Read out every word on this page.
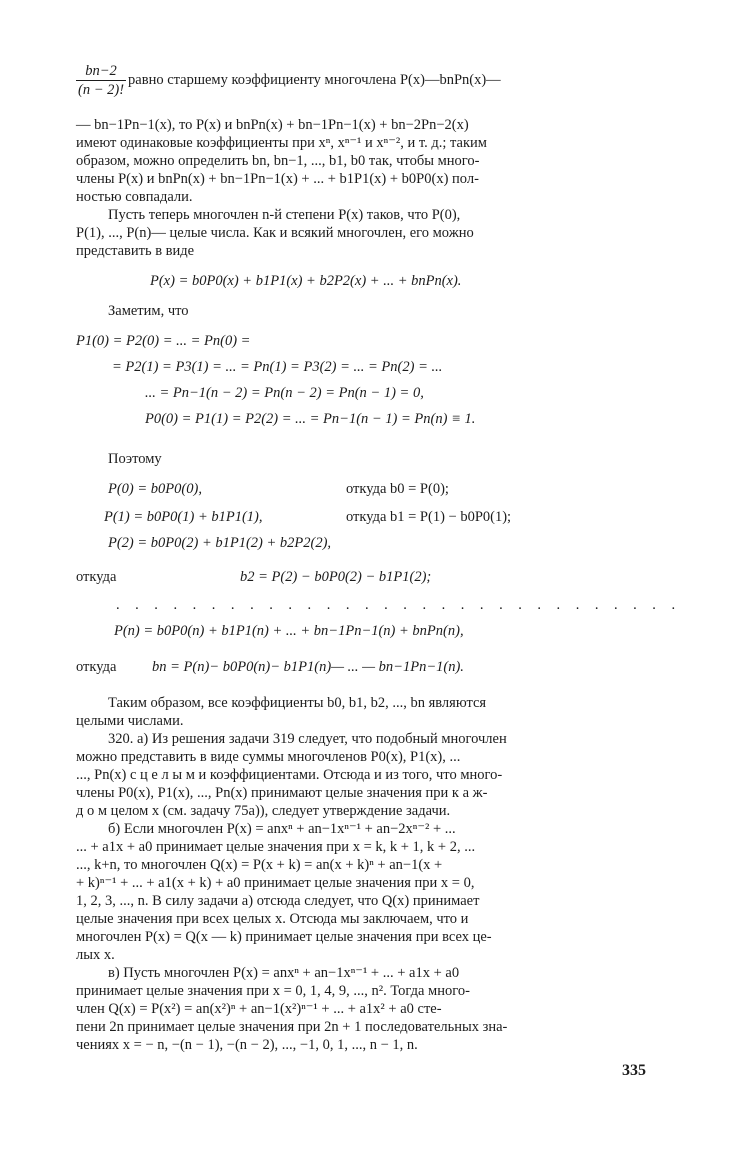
$\frac{bn-2}{(n - 2)!}$ равно старшему коэффициенту многочлена P(x)—bnPn(x)—
— bn−1Pn−1(x), то P(x) и bnPn(x) + bn−1Pn−1(x) + bn−2Pn−2(x)
имеют одинаковые коэффициенты при xⁿ, xⁿ⁻¹ и xⁿ⁻², и т. д.; таким
образом, можно определить bn, bn−1, ..., b1, b0 так, чтобы много-
члены P(x) и bnPn(x) + bn−1Pn−1(x) + ... + b1P1(x) + b0P0(x) пол-
ностью совпадали.
Пусть теперь многочлен n-й степени P(x) таков, что P(0),
P(1), ..., P(n)— целые числа. Как и всякий многочлен, его можно
представить в виде
P(x) = b0P0(x) + b1P1(x) + b2P2(x) + ... + bnPn(x).
Заметим, что
P1(0) = P2(0) = ... = Pn(0) =
= P2(1) = P3(1) = ... = Pn(1) = P3(2) = ... = Pn(2) = ...
... = Pn−1(n − 2) = Pn(n − 2) = Pn(n − 1) = 0,
P0(0) = P1(1) = P2(2) = ... = Pn−1(n − 1) = Pn(n) ≡ 1.
Поэтому
P(0) = b0P0(0),	откуда b0 = P(0);
P(1) = b0P0(1) + b1P1(1),	откуда b1 = P(1) − b0P0(1);
P(2) = b0P0(2) + b1P1(2) + b2P2(2),
откуда	b2 = P(2) − b0P0(2) − b1P1(2);
. . . . . . . . . . . . . . . . . . . . . . . . . . . . . .
P(n) = b0P0(n) + b1P1(n) + ... + bn−1Pn−1(n) + bnPn(n),
откуда bn = P(n)− b0P0(n)− b1P1(n)— ... — bn−1Pn−1(n).
Таким образом, все коэффициенты b0, b1, b2, ..., bn являются
целыми числами.
320. а) Из решения задачи 319 следует, что подобный многочлен
можно представить в виде суммы многочленов P0(x), P1(x), ...
..., Pn(x) с ц е л ы м и коэффициентами. Отсюда и из того, что много-
члены P0(x), P1(x), ..., Pn(x) принимают целые значения при к а ж-
д о м целом x (см. задачу 75а)), следует утверждение задачи.
б) Если многочлен P(x) = anxⁿ + an−1xⁿ⁻¹ + an−2xⁿ⁻² + ...
... + a1x + a0 принимает целые значения при x = k, k + 1, k + 2, ...
..., k+n, то многочлен Q(x) = P(x + k) = an(x + k)ⁿ + an−1(x +
+ k)ⁿ⁻¹ + ... + a1(x + k) + a0 принимает целые значения при x = 0,
1, 2, 3, ..., n. В силу задачи а) отсюда следует, что Q(x) принимает
целые значения при всех целых x. Отсюда мы заключаем, что и
многочлен P(x) = Q(x — k) принимает целые значения при всех це-
лых x.
в) Пусть многочлен P(x) = anxⁿ + an−1xⁿ⁻¹ + ... + a1x + a0
принимает целые значения при x = 0, 1, 4, 9, ..., n². Тогда много-
член Q(x) = P(x²) = an(x²)ⁿ + an−1(x²)ⁿ⁻¹ + ... + a1x² + a0 сте-
пени 2n принимает целые значения при 2n + 1 последовательных зна-
чениях x = − n, −(n − 1), −(n − 2), ..., −1, 0, 1, ..., n − 1, n.
335
